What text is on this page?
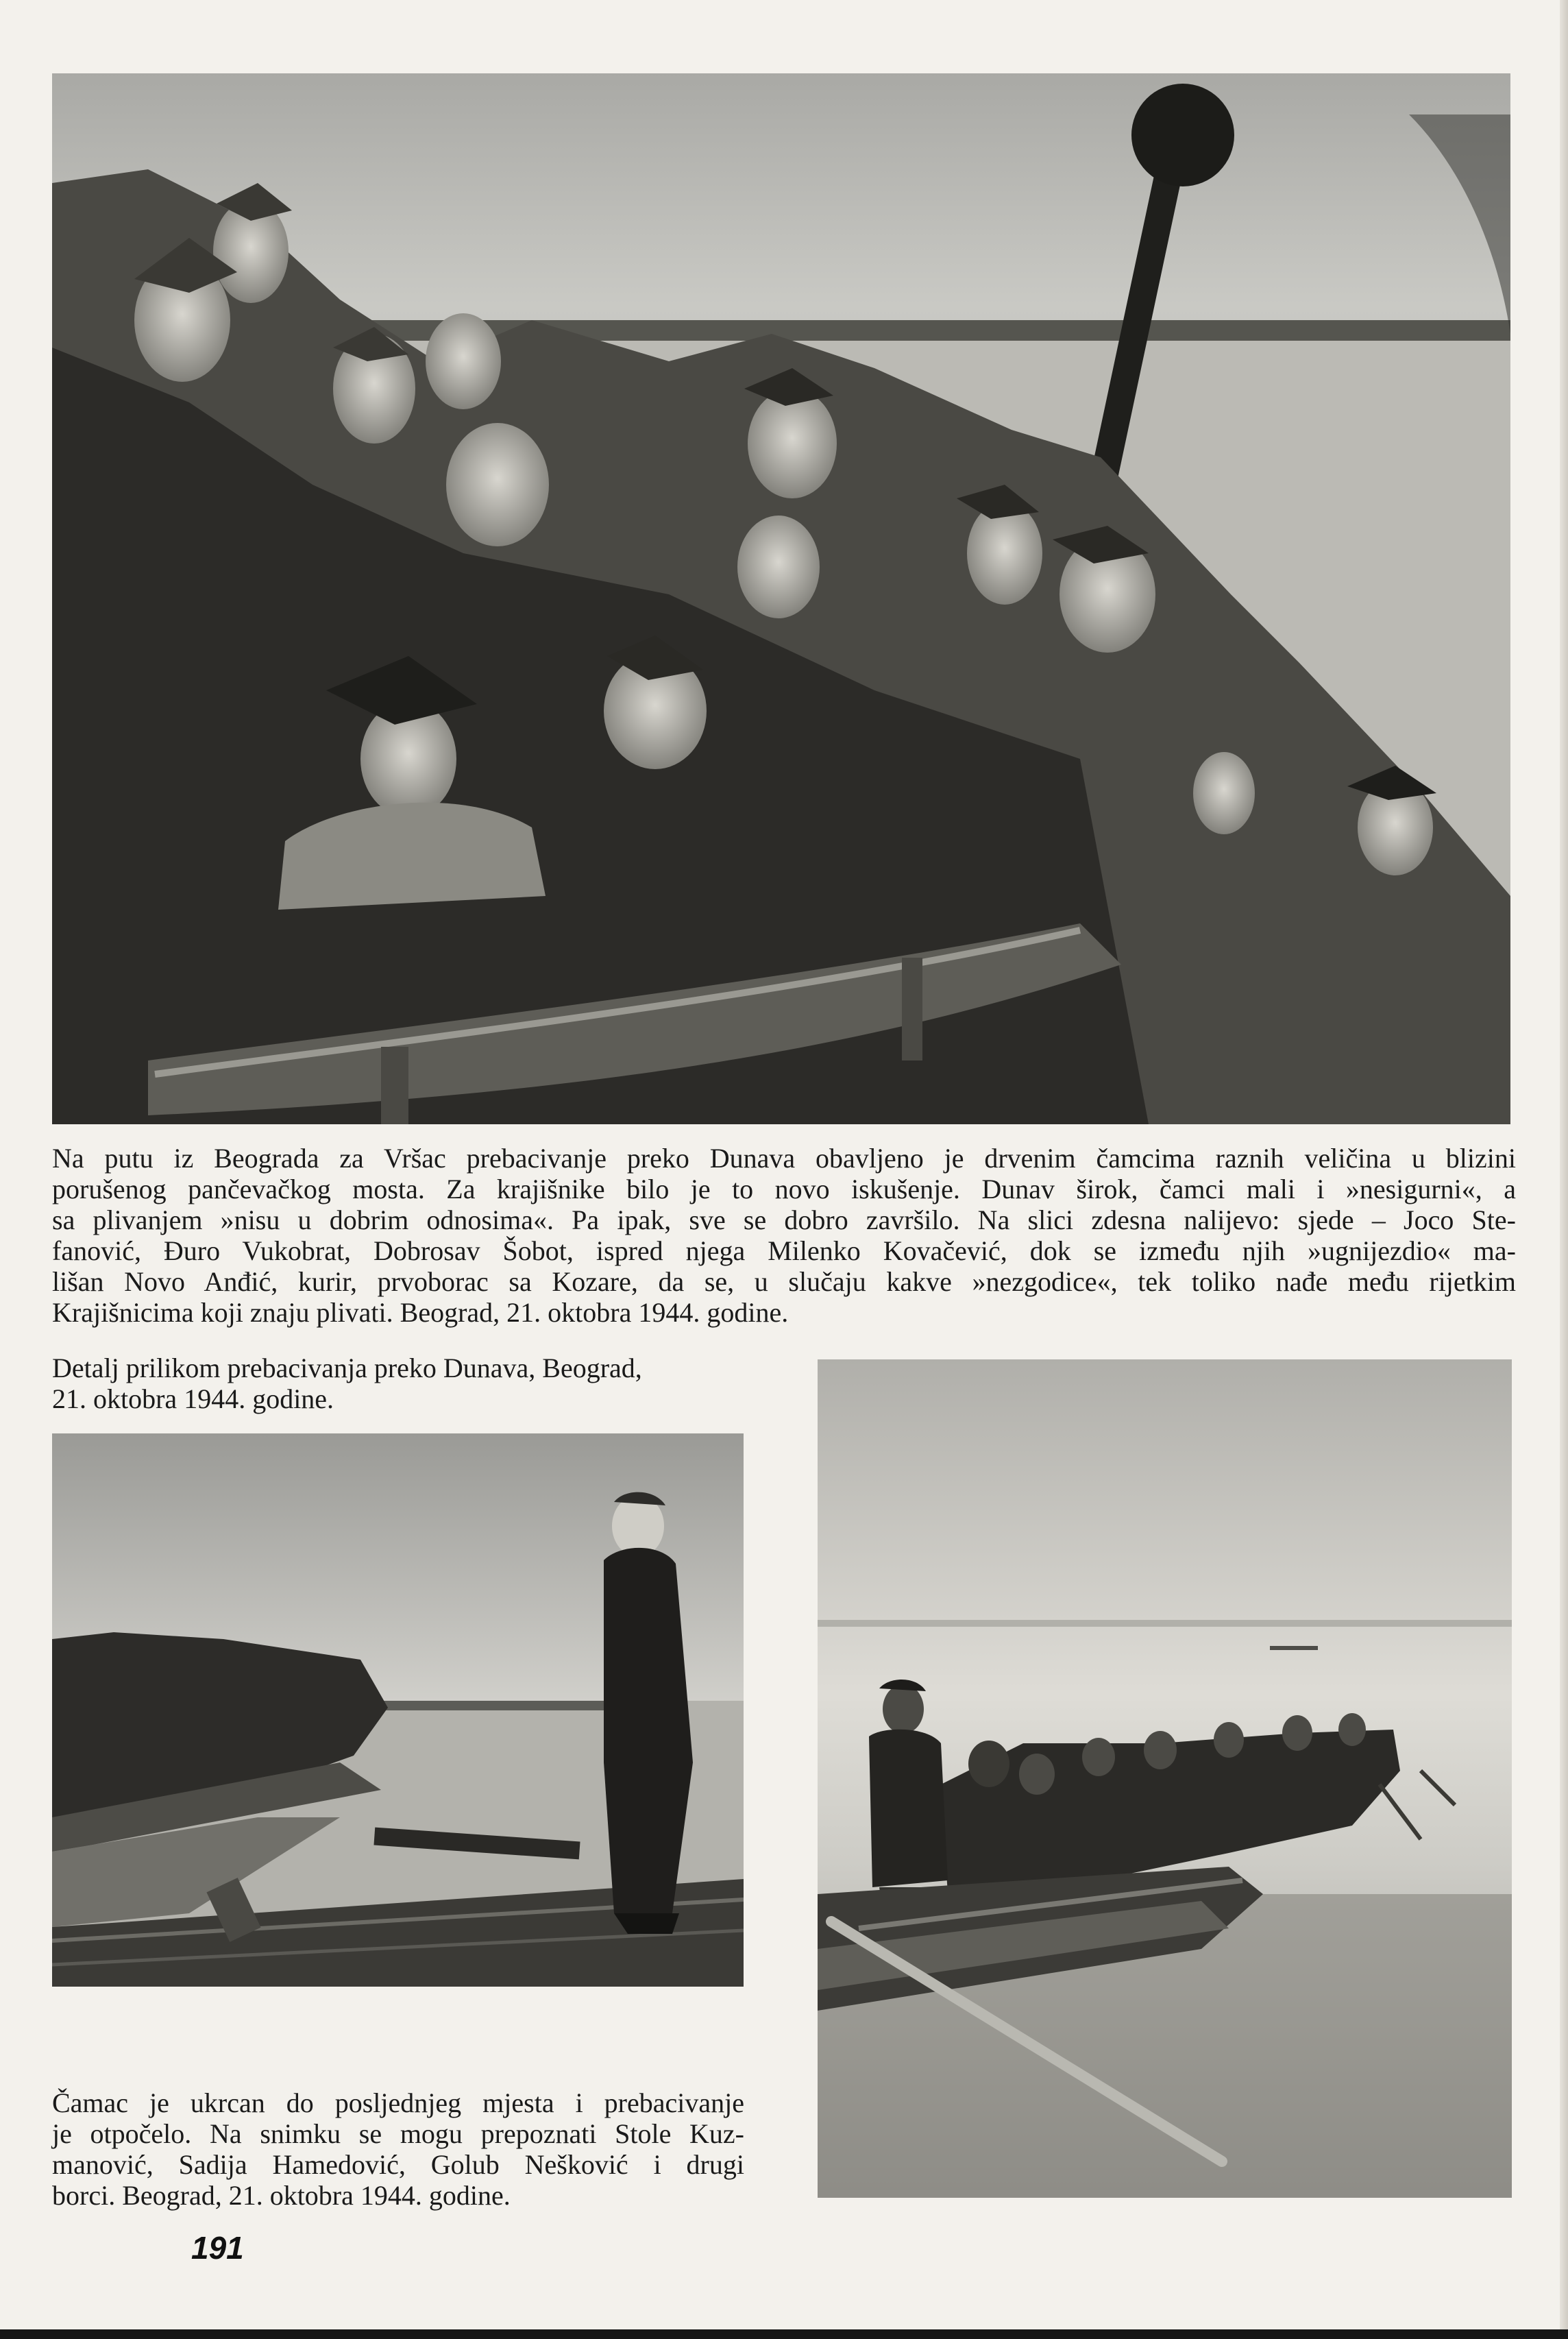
Na putu iz Beograda za Vršac prebacivanje preko Dunava obavljeno je drvenim čamcima raznih veličina u blizini
porušenog pančevačkog mosta. Za krajišnike bilo je to novo iskušenje. Dunav širok, čamci mali i »nesigurni«, a
sa plivanjem »nisu u dobrim odnosima«. Pa ipak, sve se dobro završilo. Na slici zdesna nalijevo: sjede – Joco Ste-
fanović, Đuro Vukobrat, Dobrosav Šobot, ispred njega Milenko Kovačević, dok se između njih »ugnijezdio« ma-
lišan Novo Anđić, kurir, prvoborac sa Kozare, da se, u slučaju kakve »nezgodice«, tek toliko nađe među rijetkim
Krajišnicima koji znaju plivati. Beograd, 21. oktobra 1944. godine.

Detalj prilikom prebacivanja preko Dunava, Beograd,
21. oktobra 1944. godine.

Čamac je ukrcan do posljednjeg mjesta i prebacivanje
je otpočelo. Na snimku se mogu prepoznati Stole Kuz-
manović, Sadija Hamedović, Golub Nešković i drugi
borci. Beograd, 21. oktobra 1944. godine.

191
